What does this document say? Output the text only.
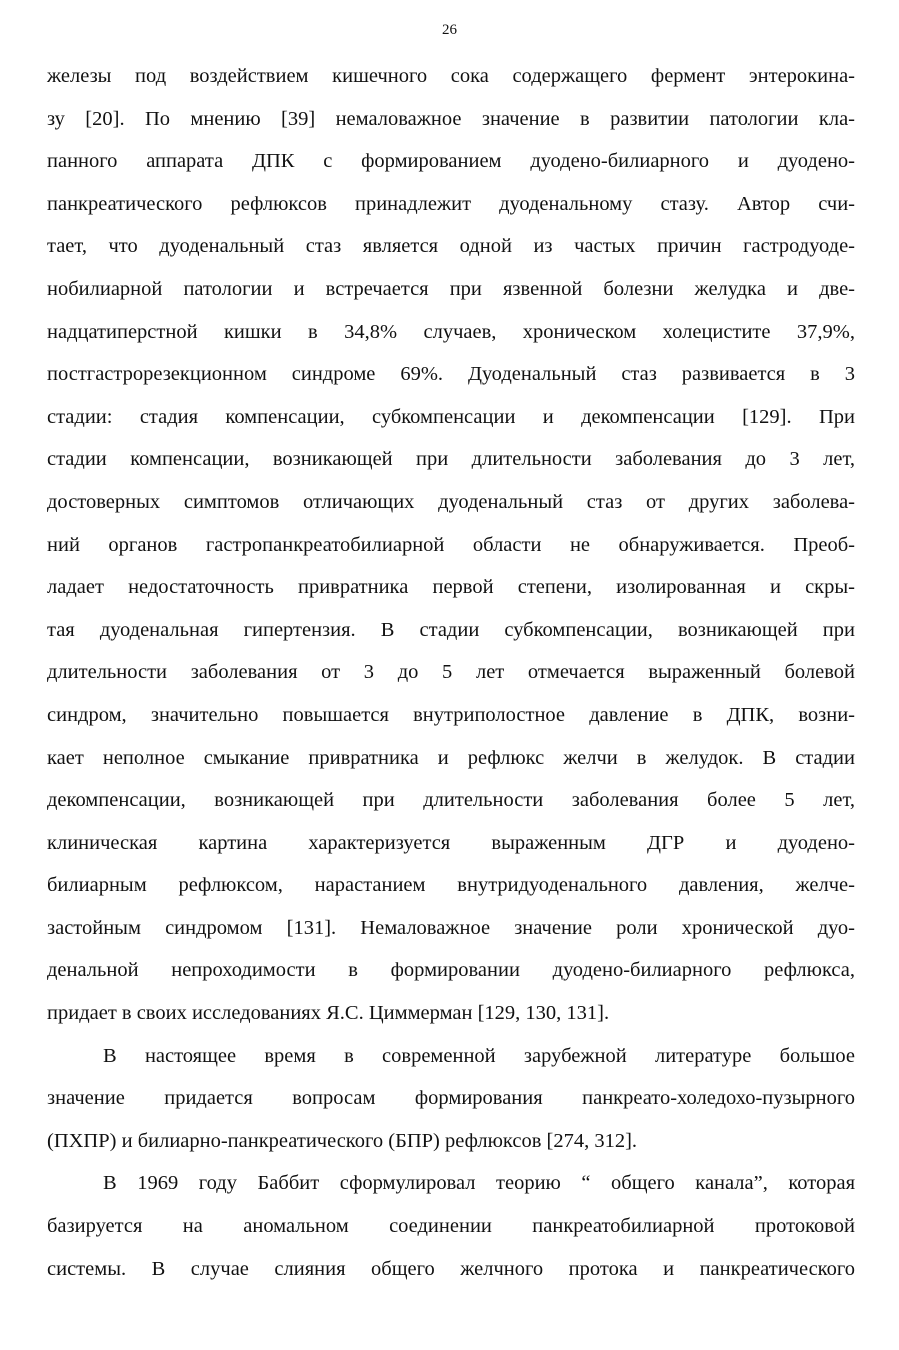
26
железы под воздействием кишечного сока содержащего фермент энтерокина-
зу [20]. По мнению [39] немаловажное значение в развитии патологии кла-
панного аппарата ДПК с формированием дуодено-билиарного и дуодено-
панкреатического рефлюксов принадлежит дуоденальному стазу. Автор счи-
тает, что дуоденальный стаз является одной из частых причин гастродуоде-
нобилиарной патологии и встречается при язвенной болезни желудка и две-
надцатиперстной кишки в 34,8% случаев, хроническом холецистите 37,9%,
постгастрорезекционном синдроме 69%. Дуоденальный стаз развивается в 3
стадии: стадия компенсации, субкомпенсации и декомпенсации [129]. При
стадии компенсации, возникающей при длительности заболевания до 3 лет,
достоверных симптомов отличающих дуоденальный стаз от других заболева-
ний органов гастропанкреатобилиарной области не обнаруживается. Преоб-
ладает недостаточность привратника первой степени, изолированная и скры-
тая дуоденальная гипертензия. В стадии субкомпенсации, возникающей при
длительности заболевания от 3 до 5 лет отмечается выраженный болевой
синдром, значительно повышается внутриполостное давление в ДПК, возни-
кает неполное смыкание привратника и рефлюкс желчи в желудок. В стадии
декомпенсации, возникающей при длительности заболевания более 5 лет,
клиническая картина характеризуется выраженным ДГР и дуодено-
билиарным рефлюксом, нарастанием внутридуоденального давления, желче-
застойным синдромом [131]. Немаловажное значение роли хронической дуо-
денальной непроходимости в формировании дуодено-билиарного рефлюкса,
придает в своих исследованиях Я.С. Циммерман [129, 130, 131].
В настоящее время в современной зарубежной литературе большое
значение придается вопросам формирования панкреато-холедохо-пузырного
(ПХПР) и билиарно-панкреатического (БПР) рефлюксов [274, 312].
В 1969 году Баббит сформулировал теорию “ общего канала”, которая
базируется на аномальном соединении панкреатобилиарной протоковой
системы. В случае слияния общего желчного протока и панкреатического
